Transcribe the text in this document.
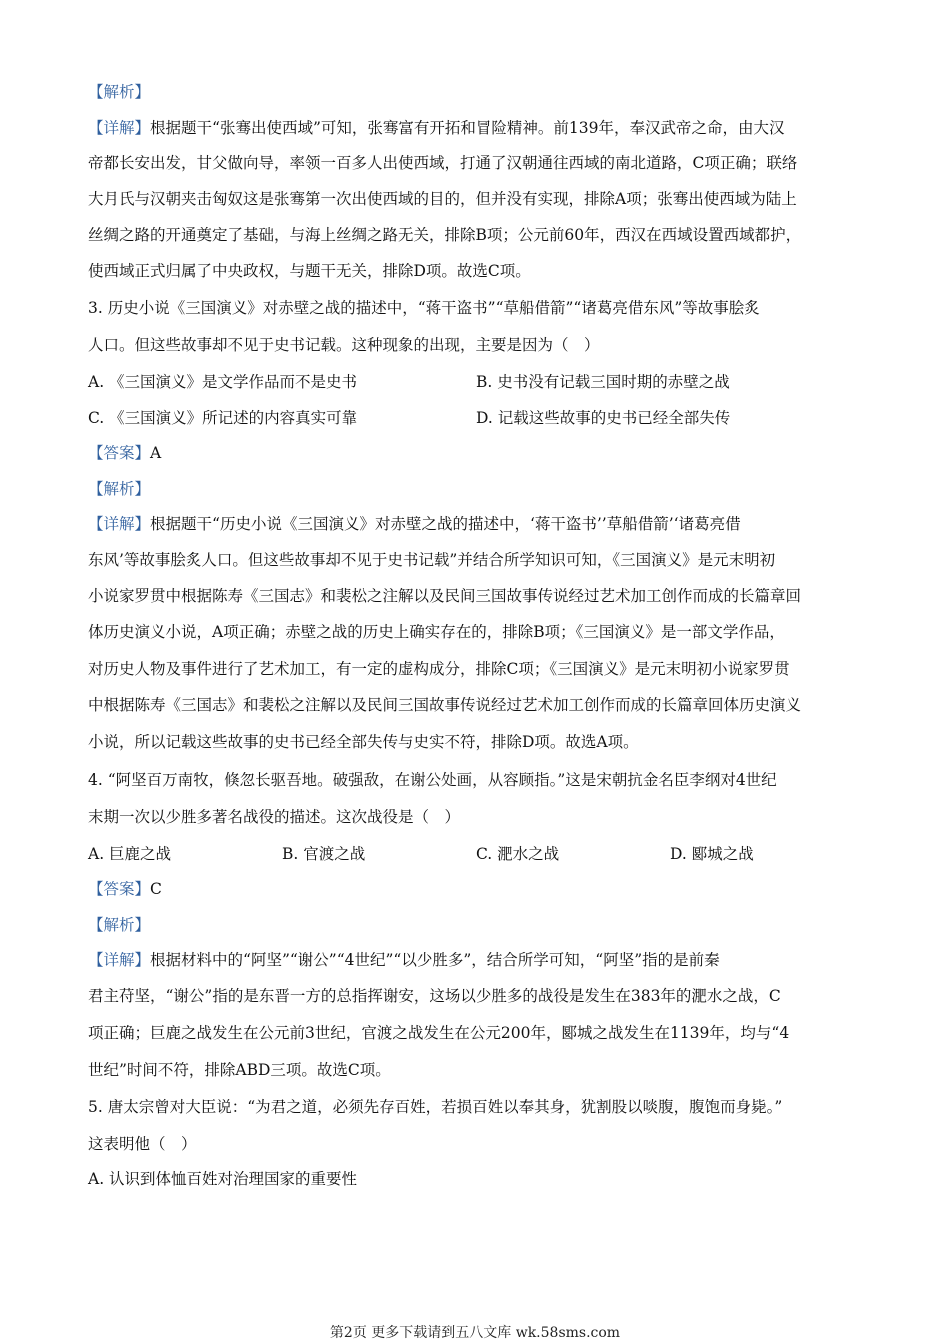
【解析】
【详解】根据题干“张骞出使西域”可知，张骞富有开拓和冒险精神。前139年，奉汉武帝之命，由大汉
帝都长安出发，甘父做向导，率领一百多人出使西域，打通了汉朝通往西域的南北道路，C项正确；联络
大月氏与汉朝夹击匈奴这是张骞第一次出使西域的目的，但并没有实现，排除A项；张骞出使西域为陆上
丝绸之路的开通奠定了基础，与海上丝绸之路无关，排除B项；公元前60年，西汉在西域设置西域都护，
使西域正式归属了中央政权，与题干无关，排除D项。故选C项。
3. 历史小说《三国演义》对赤壁之战的描述中，“蒋干盗书”“草船借箭”“诸葛亮借东风”等故事脍炙
人口。但这些故事却不见于史书记载。这种现象的出现，主要是因为（　）
A. 《三国演义》是文学作品而不是史书	B. 史书没有记载三国时期的赤壁之战
C. 《三国演义》所记述的内容真实可靠	D. 记载这些故事的史书已经全部失传
【答案】A
【解析】
【详解】根据题干“历史小说《三国演义》对赤壁之战的描述中，‘蒋干盗书’’草船借箭’‘诸葛亮借
东风’等故事脍炙人口。但这些故事却不见于史书记载”并结合所学知识可知，《三国演义》是元末明初
小说家罗贯中根据陈寿《三国志》和裴松之注解以及民间三国故事传说经过艺术加工创作而成的长篇章回
体历史演义小说，A项正确；赤壁之战的历史上确实存在的，排除B项；《三国演义》是一部文学作品，
对历史人物及事件进行了艺术加工，有一定的虚构成分，排除C项；《三国演义》是元末明初小说家罗贯
中根据陈寿《三国志》和裴松之注解以及民间三国故事传说经过艺术加工创作而成的长篇章回体历史演义
小说，所以记载这些故事的史书已经全部失传与史实不符，排除D项。故选A项。
4. “阿坚百万南牧，倏忽长驱吾地。破强敌，在谢公处画，从容顾指。”这是宋朝抗金名臣李纲对4世纪
末期一次以少胜多著名战役的描述。这次战役是（　）
A. 巨鹿之战	B. 官渡之战	C. 淝水之战	D. 郾城之战
【答案】C
【解析】
【详解】根据材料中的“阿坚”“谢公”“4世纪”“以少胜多”，结合所学可知，“阿坚”指的是前秦
君主苻坚，“谢公”指的是东晋一方的总指挥谢安，这场以少胜多的战役是发生在383年的淝水之战，C
项正确；巨鹿之战发生在公元前3世纪，官渡之战发生在公元200年，郾城之战发生在1139年，均与“4
世纪”时间不符，排除ABD三项。故选C项。
5. 唐太宗曾对大臣说：“为君之道，必须先存百姓，若损百姓以奉其身，犹割股以啖腹，腹饱而身毙。”
这表明他（　）
A. 认识到体恤百姓对治理国家的重要性
第2页 更多下载请到五八文库 wk.58sms.com
